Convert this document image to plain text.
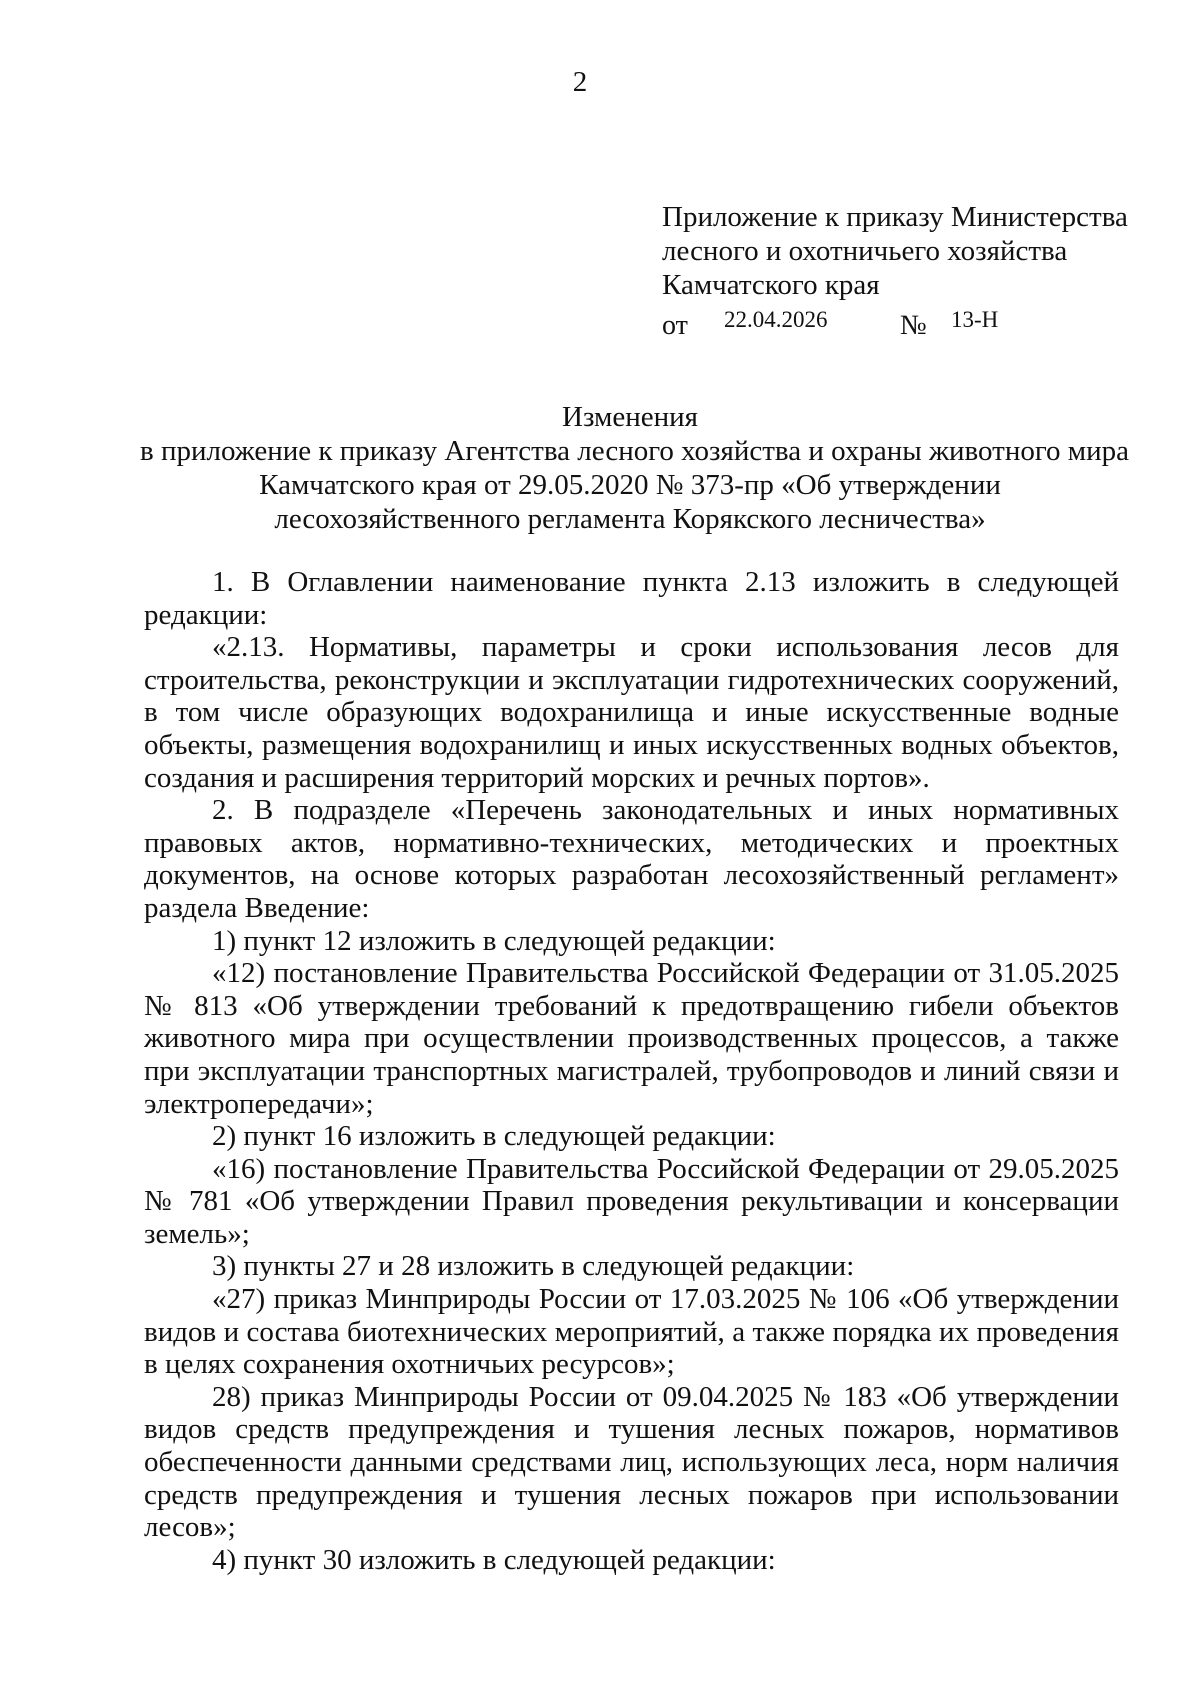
2
Приложение к приказу Министерства
лесного и охотничьего хозяйства
Камчатского края
от 22.04.2026	№ 13-Н
Изменения
в приложение к приказу Агентства лесного хозяйства и охраны животного мира
Камчатского края от 29.05.2020 № 373-пр «Об утверждении
лесохозяйственного регламента Корякского лесничества»

1. В Оглавлении наименование пункта 2.13 изложить в следующей редакции:

«2.13. Нормативы, параметры и сроки использования лесов для строительства, реконструкции и эксплуатации гидротехнических сооружений, в том числе образующих водохранилища и иные искусственные водные объекты, размещения водохранилищ и иных искусственных водных объектов, создания и расширения территорий морских и речных портов».

2. В подразделе «Перечень законодательных и иных нормативных правовых актов, нормативно-технических, методических и проектных документов, на основе которых разработан лесохозяйственный регламент» раздела Введение:

1) пункт 12 изложить в следующей редакции:

«12) постановление Правительства Российской Федерации от 31.05.2025 № 813 «Об утверждении требований к предотвращению гибели объектов животного мира при осуществлении производственных процессов, а также при эксплуатации транспортных магистралей, трубопроводов и линий связи и электропередачи»;

2) пункт 16 изложить в следующей редакции:

«16) постановление Правительства Российской Федерации от 29.05.2025 № 781 «Об утверждении Правил проведения рекультивации и консервации земель»;

3) пункты 27 и 28 изложить в следующей редакции:

«27) приказ Минприроды России от 17.03.2025 № 106 «Об утверждении видов и состава биотехнических мероприятий, а также порядка их проведения в целях сохранения охотничьих ресурсов»;

28) приказ Минприроды России от 09.04.2025 № 183 «Об утверждении видов средств предупреждения и тушения лесных пожаров, нормативов обеспеченности данными средствами лиц, использующих леса, норм наличия средств предупреждения и тушения лесных пожаров при использовании лесов»;

4) пункт 30 изложить в следующей редакции:
